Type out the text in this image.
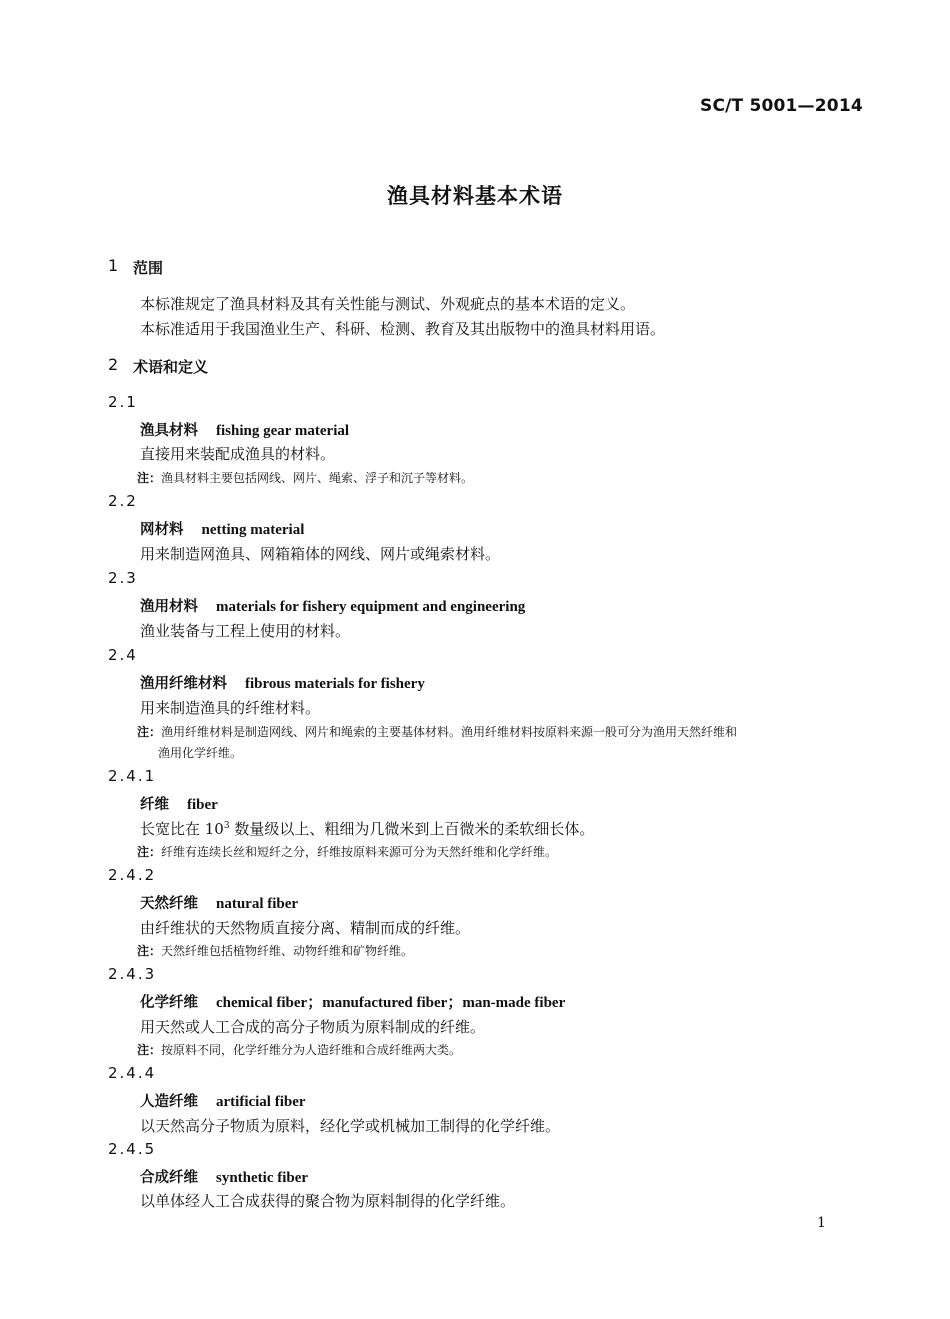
SC/T 5001—2014
渔具材料基本术语
1 范围
本标准规定了渔具材料及其有关性能与测试、外观疵点的基本术语的定义。
本标准适用于我国渔业生产、科研、检测、教育及其出版物中的渔具材料用语。
2 术语和定义
2.1
渔具材料 fishing gear material
直接用来装配成渔具的材料。
注：渔具材料主要包括网线、网片、绳索、浮子和沉子等材料。
2.2
网材料 netting material
用来制造网渔具、网箱箱体的网线、网片或绳索材料。
2.3
渔用材料 materials for fishery equipment and engineering
渔业装备与工程上使用的材料。
2.4
渔用纤维材料 fibrous materials for fishery
用来制造渔具的纤维材料。
注：渔用纤维材料是制造网线、网片和绳索的主要基体材料。渔用纤维材料按原料来源一般可分为渔用天然纤维和
渔用化学纤维。
2.4.1
纤维 fiber
长宽比在 $10^3$ 数量级以上、粗细为几微米到上百微米的柔软细长体。
注：纤维有连续长丝和短纤之分，纤维按原料来源可分为天然纤维和化学纤维。
2.4.2
天然纤维 natural fiber
由纤维状的天然物质直接分离、精制而成的纤维。
注：天然纤维包括植物纤维、动物纤维和矿物纤维。
2.4.3
化学纤维 chemical fiber；manufactured fiber；man-made fiber
用天然或人工合成的高分子物质为原料制成的纤维。
注：按原料不同，化学纤维分为人造纤维和合成纤维两大类。
2.4.4
人造纤维 artificial fiber
以天然高分子物质为原料，经化学或机械加工制得的化学纤维。
2.4.5
合成纤维 synthetic fiber
以单体经人工合成获得的聚合物为原料制得的化学纤维。
1
